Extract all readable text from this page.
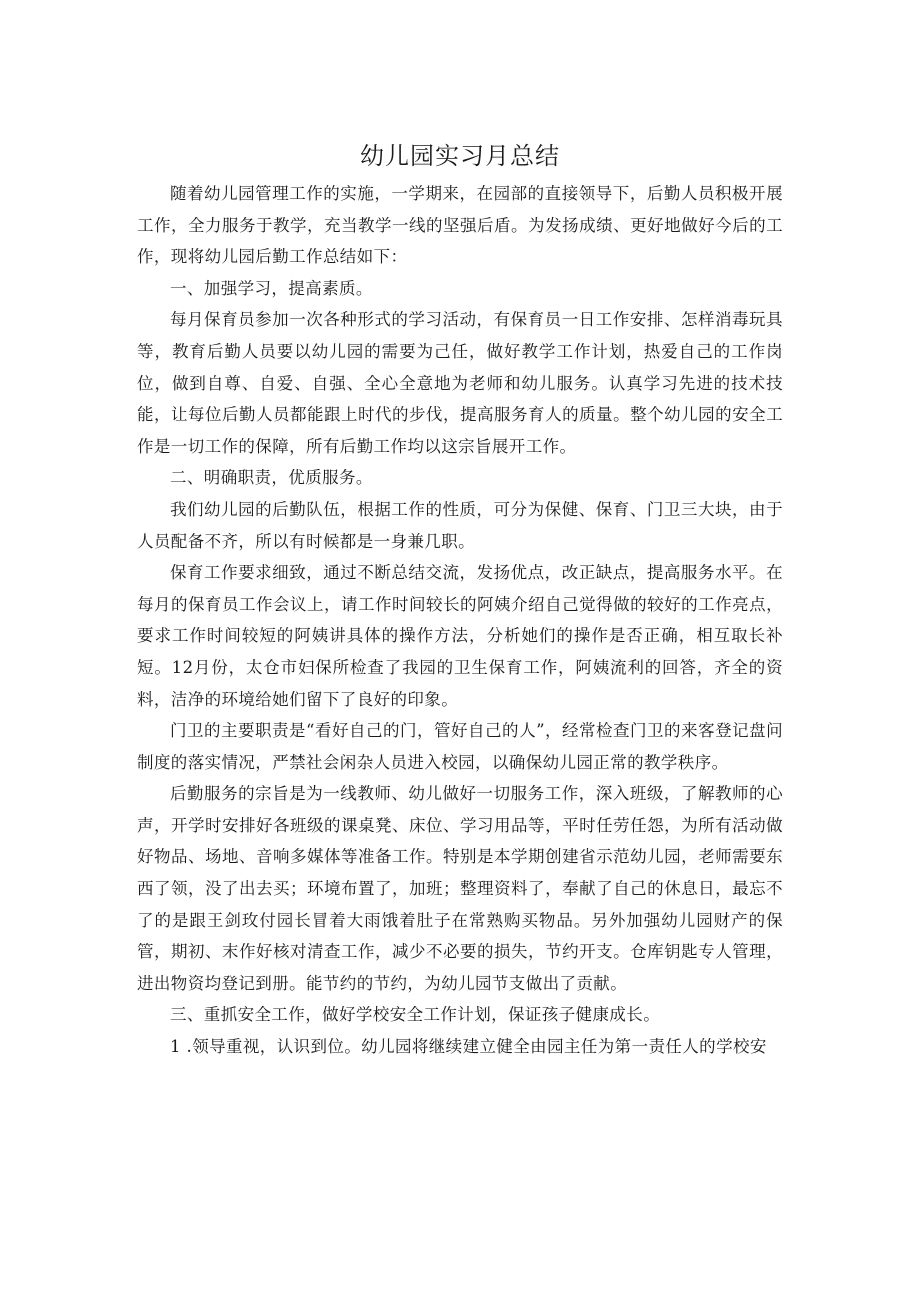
幼儿园实习月总结

随着幼儿园管理工作的实施，一学期来，在园部的直接领导下，后勤人员积极开展工作，全力服务于教学，充当教学一线的坚强后盾。为发扬成绩、更好地做好今后的工作，现将幼儿园后勤工作总结如下：

一、加强学习，提高素质。

每月保育员参加一次各种形式的学习活动，有保育员一日工作安排、怎样消毒玩具等，教育后勤人员要以幼儿园的需要为己任，做好教学工作计划，热爱自己的工作岗位，做到自尊、自爱、自强、全心全意地为老师和幼儿服务。认真学习先进的技术技能，让每位后勤人员都能跟上时代的步伐，提高服务育人的质量。整个幼儿园的安全工作是一切工作的保障，所有后勤工作均以这宗旨展开工作。

二、明确职责，优质服务。

我们幼儿园的后勤队伍，根据工作的性质，可分为保健、保育、门卫三大块，由于人员配备不齐，所以有时候都是一身兼几职。

保育工作要求细致，通过不断总结交流，发扬优点，改正缺点，提高服务水平。在每月的保育员工作会议上，请工作时间较长的阿姨介绍自己觉得做的较好的工作亮点，要求工作时间较短的阿姨讲具体的操作方法，分析她们的操作是否正确，相互取长补短。12月份，太仓市妇保所检查了我园的卫生保育工作，阿姨流利的回答，齐全的资料，洁净的环境给她们留下了良好的印象。

门卫的主要职责是“看好自己的门，管好自己的人”，经常检查门卫的来客登记盘问制度的落实情况，严禁社会闲杂人员进入校园，以确保幼儿园正常的教学秩序。

后勤服务的宗旨是为一线教师、幼儿做好一切服务工作，深入班级，了解教师的心声，开学时安排好各班级的课桌凳、床位、学习用品等，平时任劳任怨，为所有活动做好物品、场地、音响多媒体等准备工作。特别是本学期创建省示范幼儿园，老师需要东西了领，没了出去买；环境布置了，加班；整理资料了，奉献了自己的休息日，最忘不了的是跟王剑玫付园长冒着大雨饿着肚子在常熟购买物品。另外加强幼儿园财产的保管，期初、末作好核对清查工作，减少不必要的损失，节约开支。仓库钥匙专人管理，进出物资均登记到册。能节约的节约，为幼儿园节支做出了贡献。

三、重抓安全工作，做好学校安全工作计划，保证孩子健康成长。

1 .领导重视，认识到位。幼儿园将继续建立健全由园主任为第一责任人的学校安
